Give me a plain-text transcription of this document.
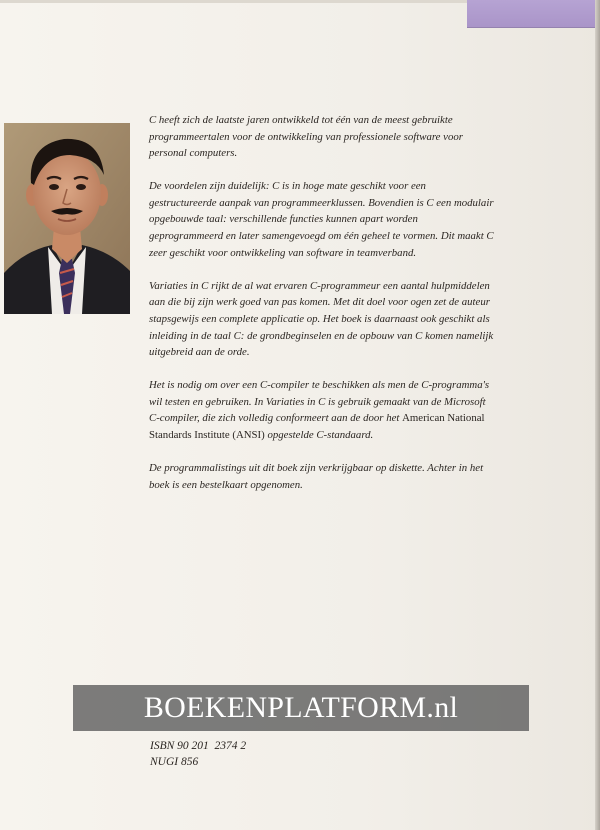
C heeft zich de laatste jaren ontwikkeld tot één van de meest gebruikte programmeertalen voor de ontwikkeling van professionele software voor personal computers.

De voordelen zijn duidelijk: C is in hoge mate geschikt voor een gestructureerde aanpak van programmeerklussen. Bovendien is C een modulair opgebouwde taal: verschillende functies kunnen apart worden geprogrammeerd en later samengevoegd om één geheel te vormen. Dit maakt C zeer geschikt voor ontwikkeling van software in teamverband.

Variaties in C rijkt de al wat ervaren C-programmeur een aantal hulpmiddelen aan die bij zijn werk goed van pas komen. Met dit doel voor ogen zet de auteur stapsgewijs een complete applicatie op. Het boek is daarnaast ook geschikt als inleiding in de taal C: de grondbeginselen en de opbouw van C komen namelijk uitgebreid aan de orde.

Het is nodig om over een C-compiler te beschikken als men de C-programma's wil testen en gebruiken. In Variaties in C is gebruik gemaakt van de Microsoft C-compiler, die zich volledig conformeert aan de door het American National Standards Institute (ANSI) opgestelde C-standaard.

De programmalistings uit dit boek zijn verkrijgbaar op diskette. Achter in het boek is een bestelkaart opgenomen.

BOEKENPLATFORM.nl
ISBN 90 201  2374 2
NUGI 856
